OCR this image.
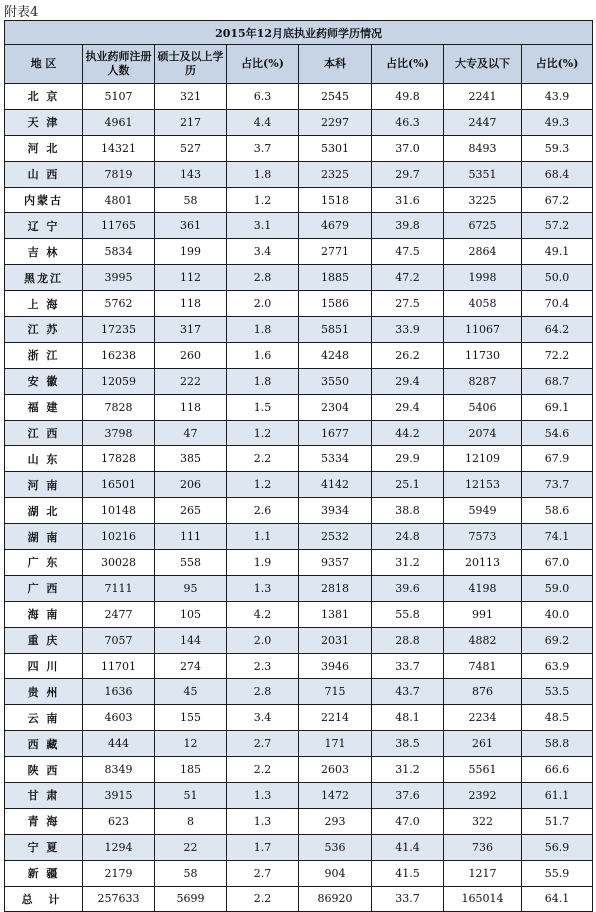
附表4
2015年12月底执业药师学历情况							
地 区	执业药师注册人数	硕士及以上学历	占比(%)	本科	占比(%)	大专及以下	占比(%)
北 京	5107	321	6.3	2545	49.8	2241	43.9
天 津	4961	217	4.4	2297	46.3	2447	49.3
河 北	14321	527	3.7	5301	37.0	8493	59.3
山 西	7819	143	1.8	2325	29.7	5351	68.4
内蒙古	4801	58	1.2	1518	31.6	3225	67.2
辽 宁	11765	361	3.1	4679	39.8	6725	57.2
吉 林	5834	199	3.4	2771	47.5	2864	49.1
黑龙江	3995	112	2.8	1885	47.2	1998	50.0
上 海	5762	118	2.0	1586	27.5	4058	70.4
江 苏	17235	317	1.8	5851	33.9	11067	64.2
浙 江	16238	260	1.6	4248	26.2	11730	72.2
安 徽	12059	222	1.8	3550	29.4	8287	68.7
福 建	7828	118	1.5	2304	29.4	5406	69.1
江 西	3798	47	1.2	1677	44.2	2074	54.6
山 东	17828	385	2.2	5334	29.9	12109	67.9
河 南	16501	206	1.2	4142	25.1	12153	73.7
湖 北	10148	265	2.6	3934	38.8	5949	58.6
湖 南	10216	111	1.1	2532	24.8	7573	74.1
广 东	30028	558	1.9	9357	31.2	20113	67.0
广 西	7111	95	1.3	2818	39.6	4198	59.0
海 南	2477	105	4.2	1381	55.8	991	40.0
重 庆	7057	144	2.0	2031	28.8	4882	69.2
四 川	11701	274	2.3	3946	33.7	7481	63.9
贵 州	1636	45	2.8	715	43.7	876	53.5
云 南	4603	155	3.4	2214	48.1	2234	48.5
西 藏	444	12	2.7	171	38.5	261	58.8
陕 西	8349	185	2.2	2603	31.2	5561	66.6
甘 肃	3915	51	1.3	1472	37.6	2392	61.1
青 海	623	8	1.3	293	47.0	322	51.7
宁 夏	1294	22	1.7	536	41.4	736	56.9
新 疆	2179	58	2.7	904	41.5	1217	55.9
总 计	257633	5699	2.2	86920	33.7	165014	64.1
